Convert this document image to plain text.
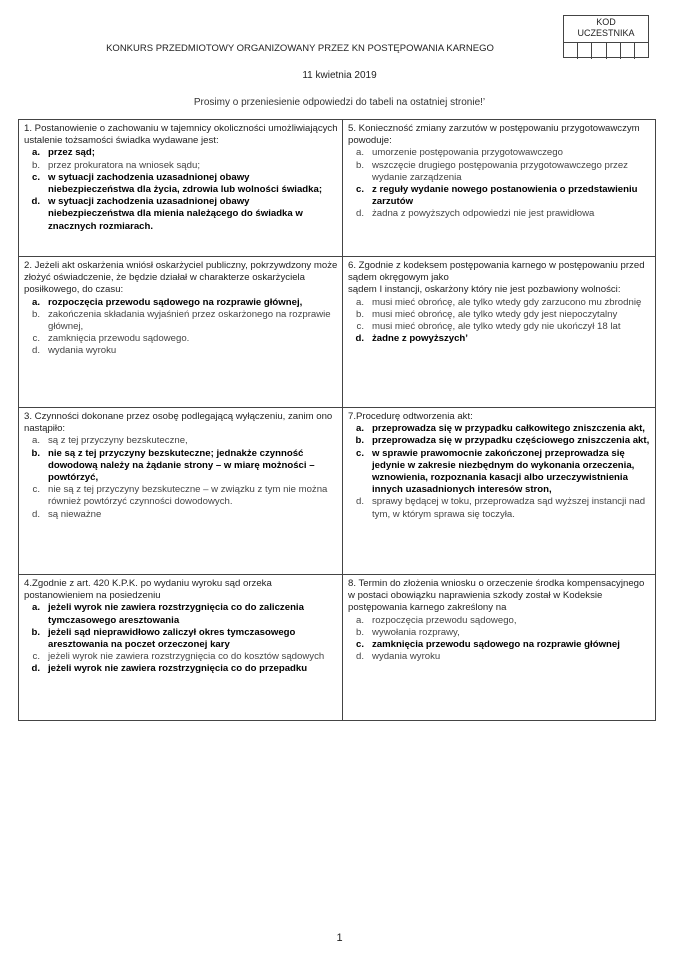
KOD
UCZESTNIKA
KONKURS PRZEDMIOTOWY ORGANIZOWANY PRZEZ KN POSTĘPOWANIA KARNEGO
11 kwietnia 2019
Prosimy o przeniesienie odpowiedzi do tabeli na ostatniej stronie!’
1. Postanowienie o zachowaniu w tajemnicy okoliczności umożliwiających ustalenie tożsamości świadka wydawane jest:
a. przez sąd;
b. przez prokuratora na wniosek sądu;
c. w sytuacji zachodzenia uzasadnionej obawy niebezpieczeństwa dla życia, zdrowia lub wolności świadka;
d. w sytuacji zachodzenia uzasadnionej obawy niebezpieczeństwa dla mienia należącego do świadka w znacznych rozmiarach.
5. Konieczność zmiany zarzutów w postępowaniu przygotowawczym powoduje:
a. umorzenie postępowania przygotowawczego
b. wszczęcie drugiego postępowania przygotowawczego przez wydanie zarządzenia
c. z reguły wydanie nowego postanowienia o przedstawieniu zarzutów
d. żadna z powyższych odpowiedzi nie jest prawidłowa
2. Jeżeli akt oskarżenia wniósł oskarżyciel publiczny, pokrzywdzony może złożyć oświadczenie, że będzie działał w charakterze oskarżyciela posiłkowego, do czasu:
a. rozpoczęcia przewodu sądowego na rozprawie głównej,
b. zakończenia składania wyjaśnień przez oskarżonego na rozprawie głównej,
c. zamknięcia przewodu sądowego.
d. wydania wyroku
6. Zgodnie z kodeksem postępowania karnego w postępowaniu przed sądem okręgowym jako
sądem I instancji, oskarżony który nie jest pozbawiony wolności:
a. musi mieć obrońcę, ale tylko wtedy gdy zarzucono mu zbrodnię
b. musi mieć obrońcę, ale tylko wtedy gdy jest niepoczytalny
c. musi mieć obrońcę, ale tylko wtedy gdy nie ukończył 18 lat
d. żadne z powyższych’
3. Czynności dokonane przez osobę podlegającą wyłączeniu, zanim ono nastąpiło:
a. są z tej przyczyny bezskuteczne,
b. nie są z tej przyczyny bezskuteczne; jednakże czynność dowodową należy na żądanie strony – w miarę możności – powtórzyć,
c. nie są z tej przyczyny bezskuteczne – w związku z tym nie można również powtórzyć czynności dowodowych.
d. są nieważne
7.Procedurę odtworzenia akt:
a. przeprowadza się w przypadku całkowitego zniszczenia akt,
b. przeprowadza się w przypadku częściowego zniszczenia akt,
c. w sprawie prawomocnie zakończonej przeprowadza się jedynie w zakresie niezbędnym do wykonania orzeczenia, wznowienia, rozpoznania kasacji albo urzeczywistnienia innych uzasadnionych interesów stron,
d. sprawy będącej w toku, przeprowadza sąd wyższej instancji nad tym, w którym sprawa się toczyła.
4.Zgodnie z art. 420 K.P.K. po wydaniu wyroku sąd orzeka postanowieniem na posiedzeniu
a. jeżeli wyrok nie zawiera rozstrzygnięcia co do zaliczenia tymczasowego aresztowania
b. jeżeli sąd nieprawidłowo zaliczył okres tymczasowego aresztowania na poczet orzeczonej kary
c. jeżeli wyrok nie zawiera rozstrzygnięcia co do kosztów sądowych
d. jeżeli wyrok nie zawiera rozstrzygnięcia co do przepadku
8. Termin do złożenia wniosku o orzeczenie środka kompensacyjnego w postaci obowiązku naprawienia szkody został w Kodeksie postępowania karnego zakreślony na
a. rozpoczęcia przewodu sądowego,
b. wywołania rozprawy,
c. zamknięcia przewodu sądowego na rozprawie głównej
d. wydania wyroku
1
